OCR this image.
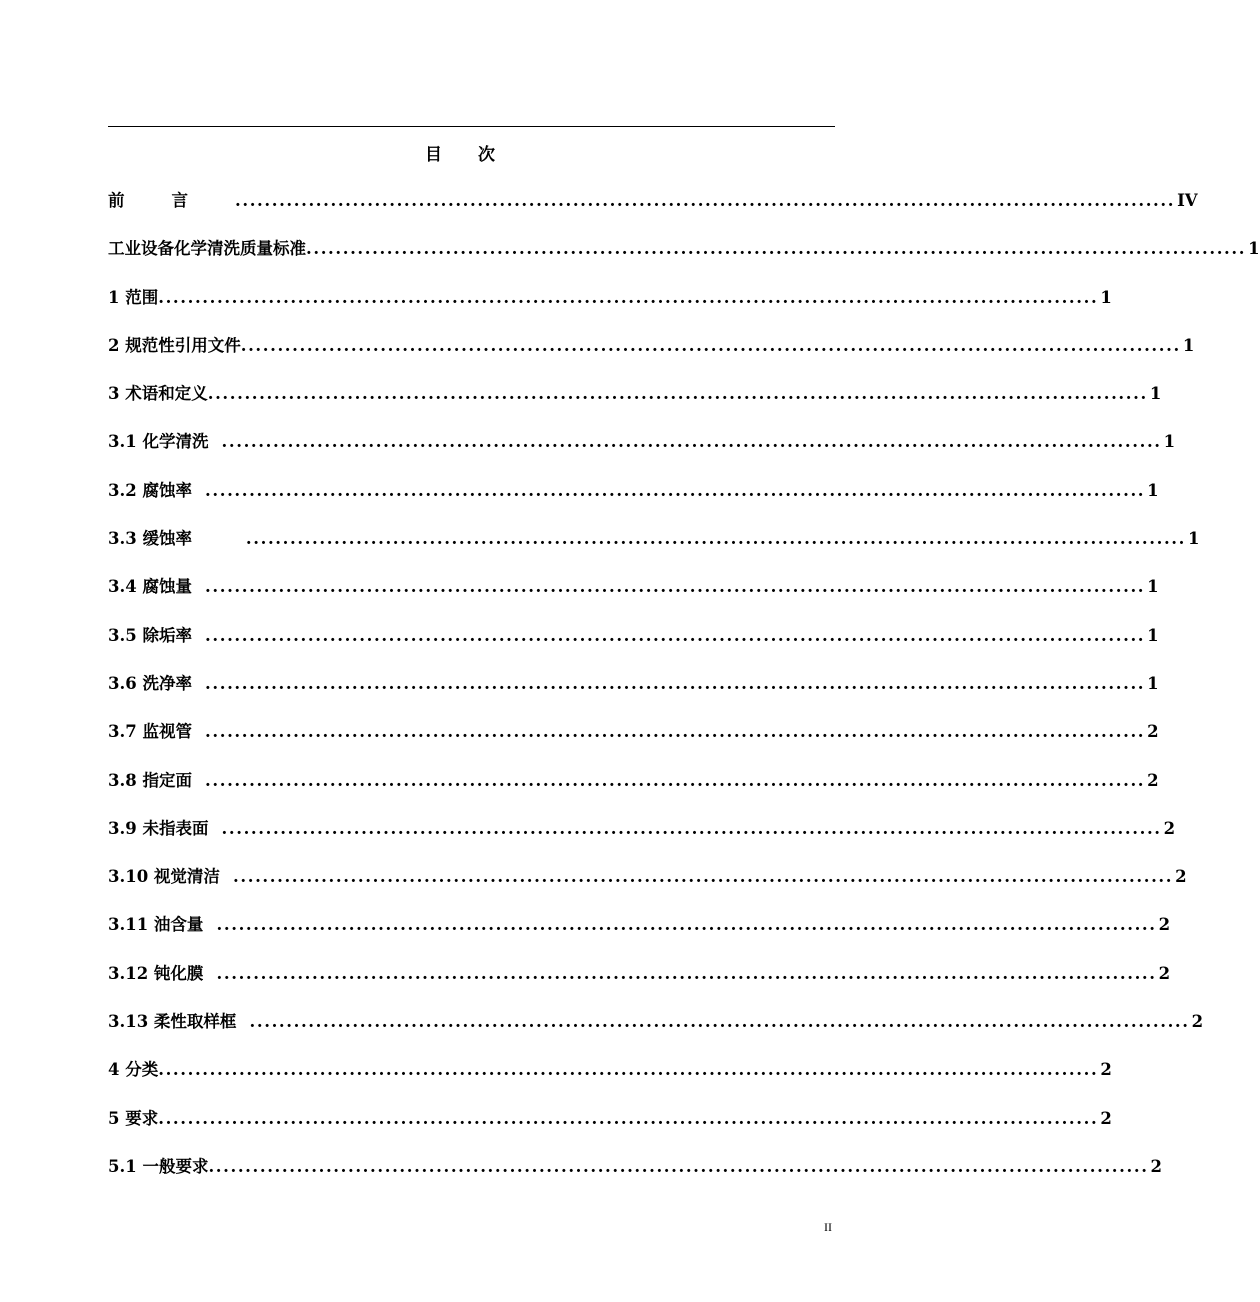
目次
前言 ................................................................................................................................ IV
工业设备化学清洗质量标准 ................................................................................................................................ 1
1 范围 ................................................................................................................................ 1
2 规范性引用文件 ................................................................................................................................ 1
3 术语和定义 ................................................................................................................................ 1
3.1 化学清洗 ................................................................................................................................ 1
3.2 腐蚀率 ................................................................................................................................ 1
3.3 缓蚀率 ................................................................................................................................ 1
3.4 腐蚀量 ................................................................................................................................ 1
3.5 除垢率 ................................................................................................................................ 1
3.6 洗净率 ................................................................................................................................ 1
3.7 监视管 ................................................................................................................................ 2
3.8 指定面 ................................................................................................................................ 2
3.9 未指表面 ................................................................................................................................ 2
3.10 视觉清洁 ................................................................................................................................ 2
3.11 油含量 ................................................................................................................................ 2
3.12 钝化膜 ................................................................................................................................ 2
3.13 柔性取样框 ................................................................................................................................ 2
4 分类 ................................................................................................................................ 2
5 要求 ................................................................................................................................ 2
5.1 一般要求 ................................................................................................................................ 2
II
